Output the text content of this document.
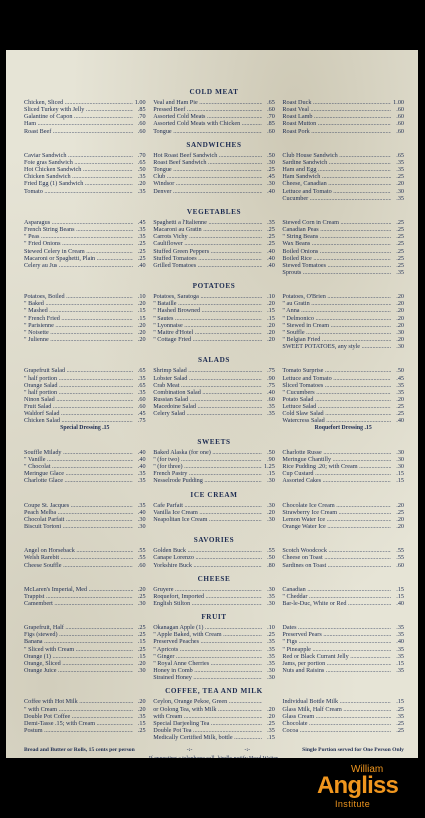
COLD MEAT
Chicken, Sliced .....	1.00
Sliced Turkey with Jelly .....	.85
Galantine of Capon .....	.70
Ham .....	.60
Roast Beef .....	.60
Veal and Ham Pie .....	.65
Pressed Beef .....	.60
Assorted Cold Meats .....	.70
Assorted Cold Meats with Chicken .....	.85
Tongue .....	.60
Roast Duck .....	1.00
Roast Veal .....	.60
Roast Lamb .....	.60
Roast Mutton .....	.60
Roast Pork .....	.60
SANDWICHES
Caviar Sandwich .....	.70
Foie gras Sandwich .....	.65
Hot Chicken Sandwich .....	.50
Chicken Sandwich .....	.35
Fried Egg (1) Sandwich .....	.20
Tomato .....	.35
Hot Roast Beef Sandwich .....	.50
Roast Beef Sandwich .....	.30
Tongue .....	.25
Club .....	.45
Windsor .....	.30
Denver .....	.40
Club House Sandwich .....	.65
Sardine Sandwich .....	.35
Ham and Egg .....	.35
Ham Sandwich .....	.25
Cheese, Canadian .....	.20
Lettuce and Tomato .....	.30
Cucumber .....	.35
VEGETABLES
Asparagus .....	.45
French String Beans .....	.35
" Peas .....	.35
" Fried Onions .....	.25
Stewed Celery in Cream .....	.25
Macaroni or Spaghetti, Plain .....	.25
Celery au Jus .....	.40
Spaghetti a l'Italienne .....	.35
Macaroni au Gratin .....	.25
Carrots Vichy .....	.25
Cauliflower .....	.25
Stuffed Green Peppers .....	.40
Stuffed Tomatoes .....	.40
Grilled Tomatoes .....	.40
Stewed Corn in Cream .....	.25
Canadian Peas .....	.25
" String Beans .....	.25
Wax Beans .....	.25
Boiled Onions .....	.25
Boiled Rice .....	.25
Stewed Tomatoes .....	.25
Sprouts .....	.35
POTATOES
Potatoes, Boiled .....	.10
" Baked .....	.20
" Mashed .....	.15
" French Fried .....	.15
" Parisienne .....	.20
" Noisette .....	.20
" Julienne .....	.20
Potatoes, Saratoga .....	.10
" Bataille .....	.20
" Hashed Browned .....	.15
" Sautes .....	.15
" Lyonnaise .....	.20
" Maitre d'Hotel .....	.20
" Cottage Fried .....	.20
Potatoes, O'Brien .....	.20
" au Gratin .....	.20
" Anna .....	.20
" Delmonico .....	.20
" Stewed in Cream .....	.20
" Souffle .....	.30
" Belgian Fried .....	.20
SWEET POTATOES, any style .....	.30
SALADS
Grapefruit Salad .....	.65
" half portion .....	.35
Orange Salad .....	.65
" half portion .....	.35
Ninon Salad .....	.60
Fruit Salad .....	.60
Waldorf Salad .....	.45
Chicken Salad .....	.75
Shrimp Salad .....	.75
Lobster Salad .....	.90
Crab Meat .....	.75
Combination Salad .....	.40
Russian Salad .....	.60
Macedoine Salad .....	.35
Celery Salad .....	.35
Tomato Surprise .....	.50
Lettuce and Tomato .....	.45
Sliced Tomatoes .....	.35
" Cucumbers .....	.35
Potato Salad .....	.20
Lettuce Salad .....	.25
Cold Slaw Salad .....	.25
Watercress Salad .....	.40
Special Dressing .15	Roquefort Dressing .15
SWEETS
Souffle Milady .....	.40
" Vanille .....	.40
" Chocolat .....	.40
Meringue Glace .....	.35
Charlotte Glace .....	.35
Baked Alaska (for one) .....	.50
" (for two) .....	.90
" (for three) .....	1.25
French Pastry .....	.15
Nesselrode Pudding .....	.30
Charlotte Russe .....	.30
Meringue Chantilly .....	.30
Rice Pudding .20; with Cream .....	.30
Cup Custard .....	.15
Assorted Cakes .....	.15
ICE CREAM
Coupe St. Jacques .....	.35
Peach Melba .....	.40
Chocolat Parfait .....	.30
Biscuit Tortoni .....	.30
Cafe Parfait .....	.30
Vanilla Ice Cream .....	.20
Neapolitan Ice Cream .....	.30
Chocolate Ice Cream .....	.20
Strawberry Ice Cream .....	.25
Lemon Water Ice .....	.20
Orange Water Ice .....	.20
SAVORIES
Angel on Horseback .....	.55
Welsh Rarebit .....	.55
Cheese Souffle .....	.60
Golden Buck .....	.55
Canape Lorenzo .....	.50
Yorkshire Buck .....	.80
Scotch Woodcock .....	.55
Cheese on Toast .....	.55
Sardines on Toast .....	.60
CHEESE
McLaren's Imperial, Med .....	.20
Trappist .....	.25
Camembert .....	.30
Gruyere .....	.30
Roquefort, Imported .....	.35
English Stilton .....	.30
Canadian .....	.15
" Cheddar .....	.15
Bar-le-Duc, White or Red .....	.40
FRUIT
Grapefruit, Half .....	.25
Figs (stewed) .....	.25
Banana .....	.15
" Sliced with Cream .....	.25
Orange (1) .....	.15
Orange, Sliced .....	.20
Orange Juice .....	.30
Okanagan Apple (1) .....	.10
" Apple Baked, with Cream .....	.25
Preserved Peaches .....	.35
" Apricots .....	.35
" Ginger .....	.35
" Royal Anne Cherries .....	.35
Honey in Comb .....	.30
Strained Honey .....	.30
Dates .....	.35
Preserved Pears .....	.35
" Figs .....	.40
" Pineapple .....	.35
Red or Black Currant Jelly .....	.35
Jams, per portion .....	.15
Nuts and Raisins .....	.35
COFFEE, TEA AND MILK
Coffee with Hot Milk .....	.20
" with Cream .....	.20
Double Pot Coffee .....	.35
Demi-Tasse .15; with Cream .....	.15
Postum .....	.25
Ceylon, Orange Pekoe, Green .....
or Oolong Tea, with Milk .....	.20
with Cream .....	.20
Special Darjeeling Tea .....	.25
Double Pot Tea .....	.35
Medically Certified Milk, bottle .....	.15
Individual Bottle Milk .....	.15
Glass Milk, Half Cream .....	.25
Glass Cream .....	.35
Chocolate .....	.25
Cocoa .....	.25
Bread and Butter or Rolls, 15 cents per person	-:-	-:-	Single Portion served for One Person Only
William
Angliss
Institute
